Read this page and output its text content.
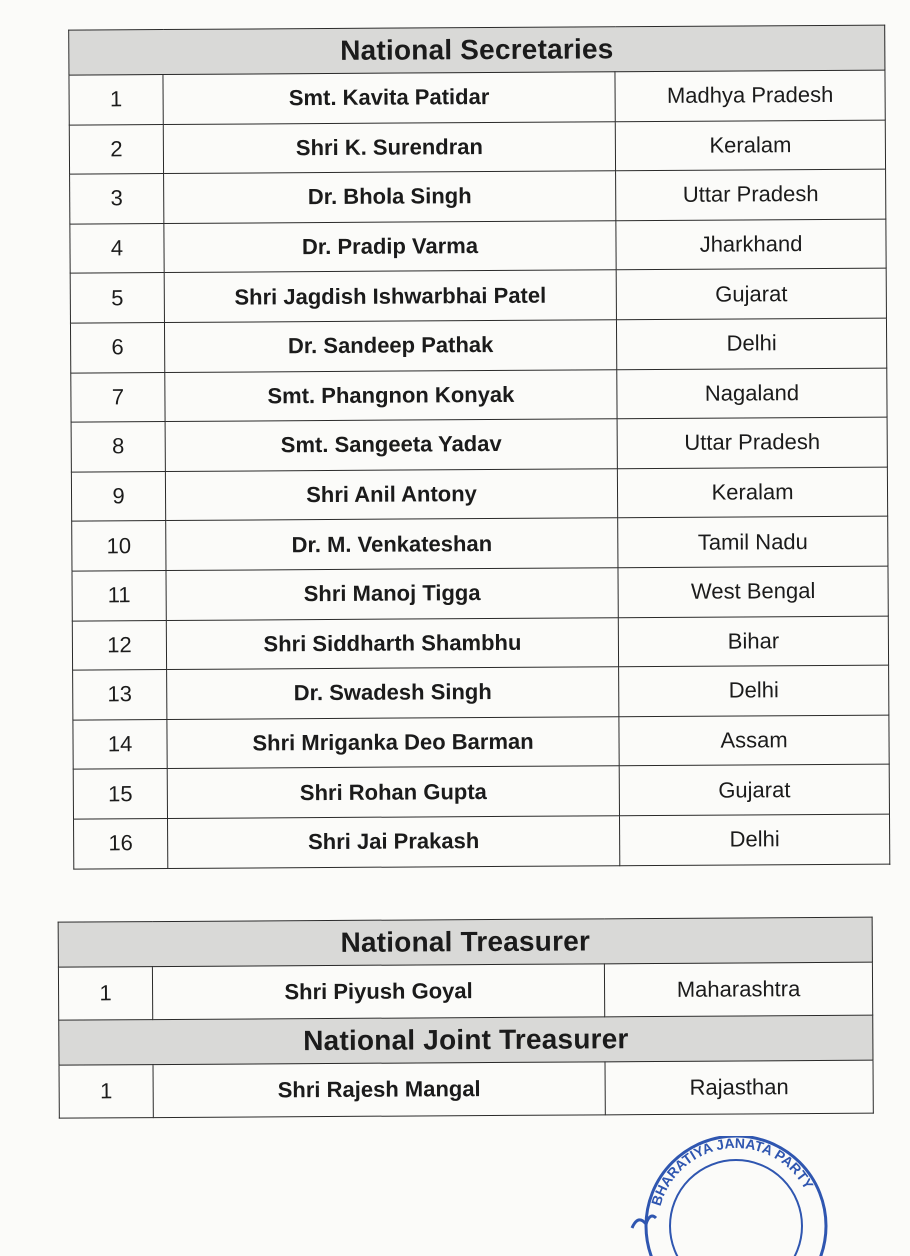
National Secretaries		
1	Smt. Kavita Patidar	Madhya Pradesh
2	Shri K. Surendran	Keralam
3	Dr. Bhola Singh	Uttar Pradesh
4	Dr. Pradip Varma	Jharkhand
5	Shri Jagdish Ishwarbhai Patel	Gujarat
6	Dr. Sandeep Pathak	Delhi
7	Smt. Phangnon Konyak	Nagaland
8	Smt. Sangeeta Yadav	Uttar Pradesh
9	Shri Anil Antony	Keralam
10	Dr. M. Venkateshan	Tamil Nadu
11	Shri Manoj Tigga	West Bengal
12	Shri Siddharth Shambhu	Bihar
13	Dr. Swadesh Singh	Delhi
14	Shri Mriganka Deo Barman	Assam
15	Shri Rohan Gupta	Gujarat
16	Shri Jai Prakash	Delhi
National Treasurer		
1	Shri Piyush Goyal	Maharashtra
National Joint Treasurer		
1	Shri Rajesh Mangal	Rajasthan
BHARATIYA JANATA PARTY
